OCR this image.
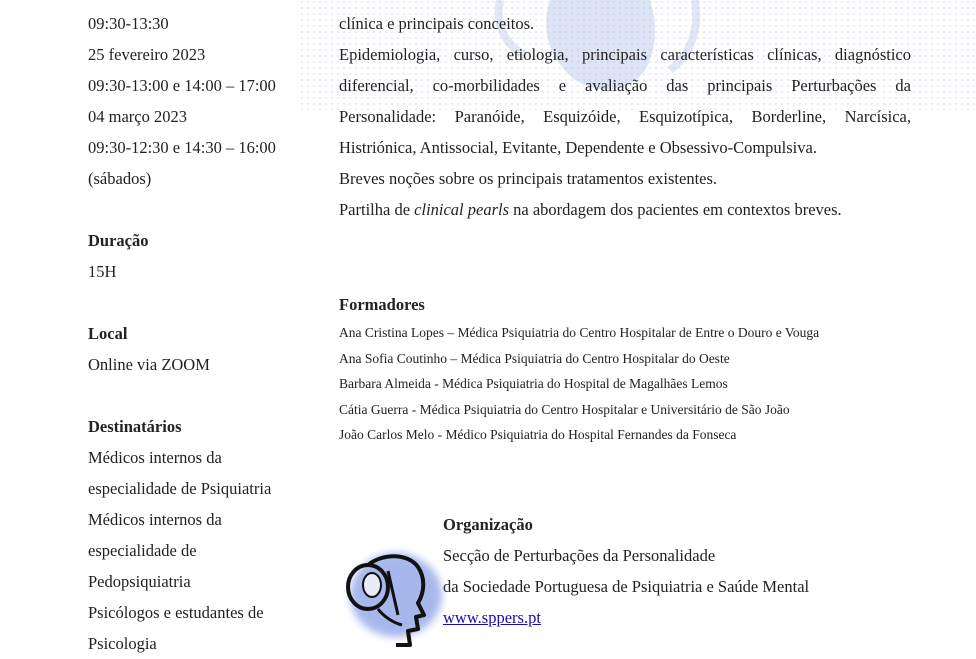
09:30-13:30

25 fevereiro 2023

09:30-13:00 e 14:00 – 17:00

04 março 2023

09:30-12:30 e 14:30 – 16:00

(sábados)

Duração

15H

Local

Online via ZOOM

Destinatários

Médicos internos da

especialidade de Psiquiatria

Médicos internos da

especialidade de

Pedopsiquiatria

Psicólogos e estudantes de

Psicologia

clínica e principais conceitos.

Epidemiologia, curso, etiologia, principais características clínicas, diagnóstico

diferencial, co-morbilidades e avaliação das principais Perturbações da

Personalidade: Paranóide, Esquizóide, Esquizotípica, Borderline, Narcísica,

Histriónica, Antissocial, Evitante, Dependente e Obsessivo-Compulsiva.

Breves noções sobre os principais tratamentos existentes.

Partilha de clinical pearls na abordagem dos pacientes em contextos breves.

Formadores

Ana Cristina Lopes – Médica Psiquiatria do Centro Hospitalar de Entre o Douro e Vouga

Ana Sofia Coutinho – Médica Psiquiatria do Centro Hospitalar do Oeste

Barbara Almeida - Médica Psiquiatria do Hospital de Magalhães Lemos

Cátia Guerra - Médica Psiquiatria do Centro Hospitalar e Universitário de São João

João Carlos Melo - Médico Psiquiatria do Hospital Fernandes da Fonseca

Organização

Secção de Perturbações da Personalidade

da Sociedade Portuguesa de Psiquiatria e Saúde Mental

www.sppers.pt
